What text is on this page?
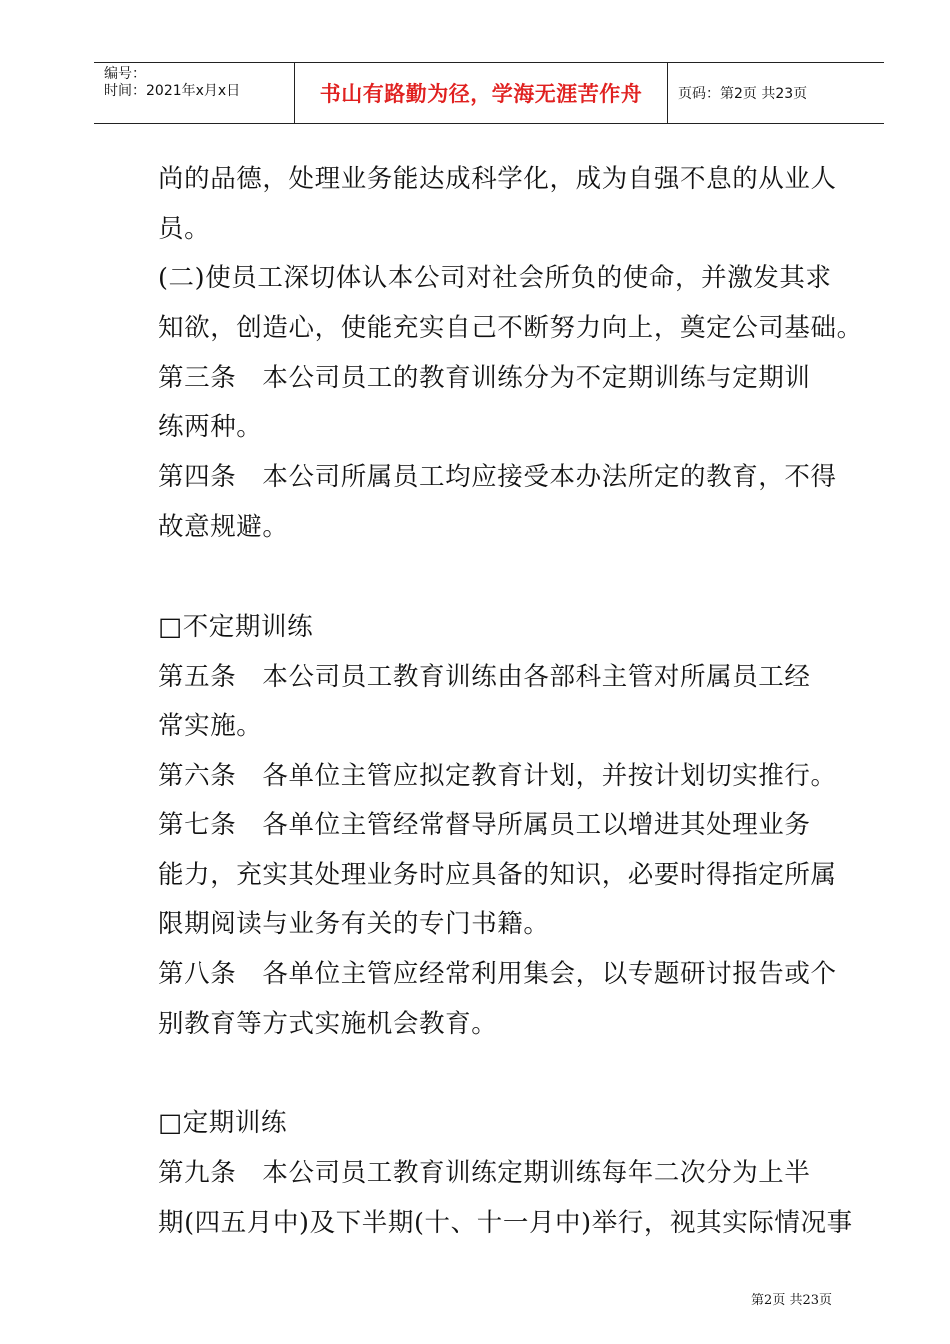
编号：
时间：2021年x月x日	书山有路勤为径，学海无涯苦作舟	页码：第2页 共23页
尚的品德，处理业务能达成科学化，成为自强不息的从业人
员。
(二)使员工深切体认本公司对社会所负的使命，并激发其求
知欲，创造心，使能充实自己不断努力向上，奠定公司基础。
第三条　本公司员工的教育训练分为不定期训练与定期训
练两种。
第四条　本公司所属员工均应接受本办法所定的教育，不得
故意规避。
□不定期训练
第五条　本公司员工教育训练由各部科主管对所属员工经
常实施。
第六条　各单位主管应拟定教育计划，并按计划切实推行。
第七条　各单位主管经常督导所属员工以增进其处理业务
能力，充实其处理业务时应具备的知识，必要时得指定所属
限期阅读与业务有关的专门书籍。
第八条　各单位主管应经常利用集会，以专题研讨报告或个
别教育等方式实施机会教育。
□定期训练
第九条　本公司员工教育训练定期训练每年二次分为上半
期(四五月中)及下半期(十、十一月中)举行，视其实际情况事
第2页 共23页
